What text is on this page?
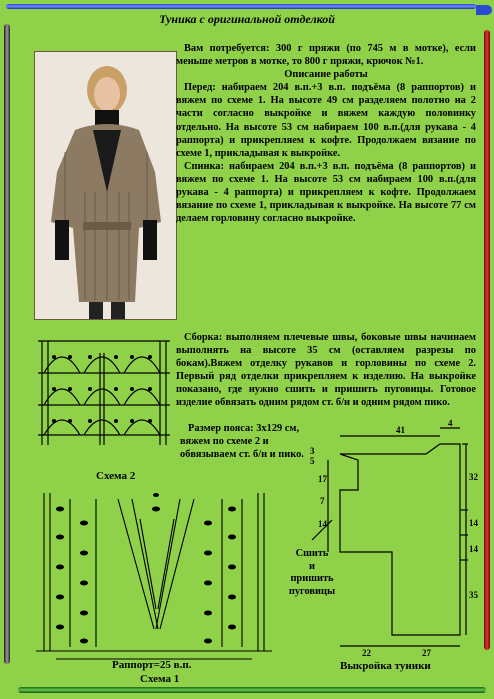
Туника с оригинальной отделкой

Вам потребуется: 300 г пряжи (по 745 м в мотке), если меньше метров в мотке, то 800 г пряжи, крючок №1.

Описание работы

Перед: набираем 204 в.п.+3 в.п. подъёма (8 раппортов) и вяжем по схеме 1. На высоте 49 см разделяем полотно на 2 части согласно выкройке и вяжем каждую половинку отдельно. На высоте 53 см набираем 100 в.п.(для рукава - 4 раппорта) и прикрепляем к кофте. Продолжаем вязание по схеме 1, прикладывая к выкройке.

Спинка: набираем 204 в.п.+3 в.п. подъёма (8 раппортов) и вяжем по схеме 1. На высоте 53 см набираем 100 в.п.(для рукава - 4 раппорта) и прикрепляем к кофте. Продолжаем вязание по схеме 1, прикладывая к выкройке. На высоте 77 см делаем горловину согласно выкройке.

Сборка: выполняем плечевые швы, боковые швы начинаем выполнять на высоте 35 см (оставляем разрезы по бокам).Вяжем отделку рукавов и горловины по схеме 2. Первый ряд отделки прикрепляем к изделию. На выкройке показано, где нужно сшить и пришить пуговицы. Готовое изделие обвязать одним рядом ст. б/н и одним рядом пико.

Размер пояса: 3х129 см, вяжем по схеме 2 и обвязываем ст. б/н и пико.

Схема 2
Раппорт=25 в.п.
Схема 1
3
5
41
4
17
7
14
32
14
14
35
22	27
Сшить
и
пришить
пуговицы
Выкройка туники
